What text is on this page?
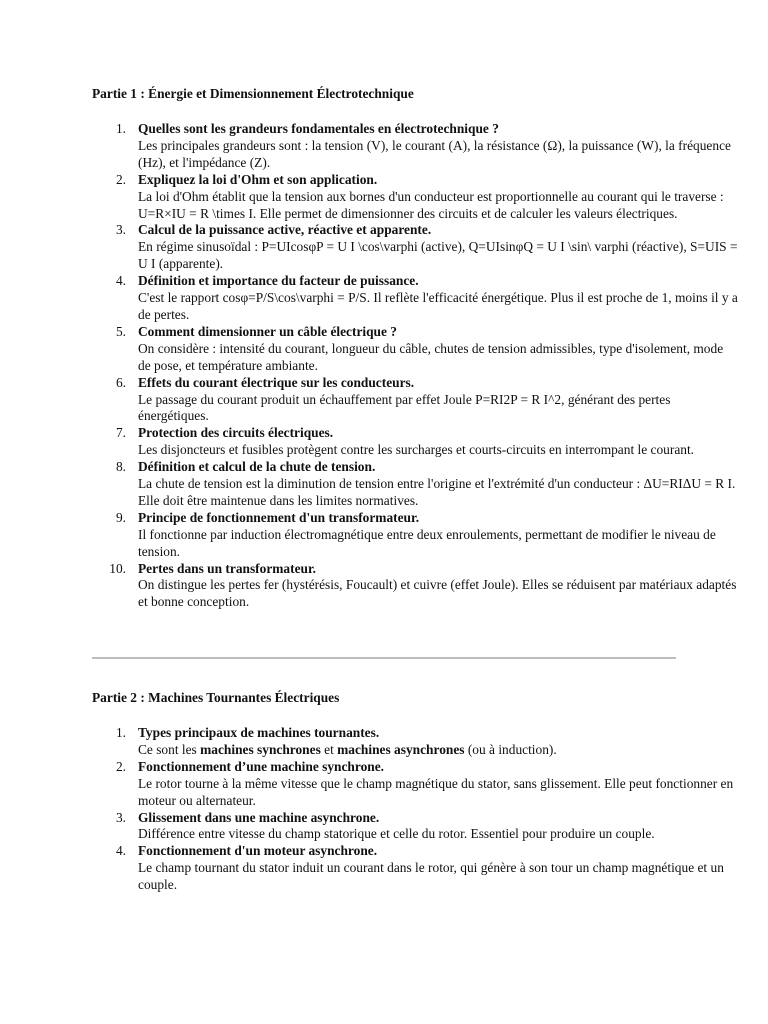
Partie 1 : Énergie et Dimensionnement Électrotechnique

Quelles sont les grandeurs fondamentales en électrotechnique ?
Les principales grandeurs sont : la tension (V), le courant (A), la résistance (Ω), la puissance (W), la fréquence (Hz), et l'impédance (Z).
Expliquez la loi d'Ohm et son application.
La loi d'Ohm établit que la tension aux bornes d'un conducteur est proportionnelle au courant qui le traverse : U=R×IU = R \times I. Elle permet de dimensionner des circuits et de calculer les valeurs électriques.
Calcul de la puissance active, réactive et apparente.
En régime sinusoïdal : P=UIcosφP = U I \cos\varphi (active), Q=UIsinφQ = U I \sin\ varphi (réactive), S=UIS = U I (apparente).
Définition et importance du facteur de puissance.
C'est le rapport cosφ=P/S\cos\varphi = P/S. Il reflète l'efficacité énergétique. Plus il est proche de 1, moins il y a de pertes.
Comment dimensionner un câble électrique ?
On considère : intensité du courant, longueur du câble, chutes de tension admissibles, type d'isolement, mode de pose, et température ambiante.
Effets du courant électrique sur les conducteurs.
Le passage du courant produit un échauffement par effet Joule P=RI2P = R I^2, générant des pertes énergétiques.
Protection des circuits électriques.
Les disjoncteurs et fusibles protègent contre les surcharges et courts-circuits en interrompant le courant.
Définition et calcul de la chute de tension.
La chute de tension est la diminution de tension entre l'origine et l'extrémité d'un conducteur : ΔU=RIΔU = R I. Elle doit être maintenue dans les limites normatives.
Principe de fonctionnement d'un transformateur.
Il fonctionne par induction électromagnétique entre deux enroulements, permettant de modifier le niveau de tension.
Pertes dans un transformateur.
On distingue les pertes fer (hystérésis, Foucault) et cuivre (effet Joule). Elles se réduisent par matériaux adaptés et bonne conception.

Partie 2 : Machines Tournantes Électriques

Types principaux de machines tournantes.
Ce sont les machines synchrones et machines asynchrones (ou à induction).
Fonctionnement d’une machine synchrone.
Le rotor tourne à la même vitesse que le champ magnétique du stator, sans glissement. Elle peut fonctionner en moteur ou alternateur.
Glissement dans une machine asynchrone.
Différence entre vitesse du champ statorique et celle du rotor. Essentiel pour produire un couple.
Fonctionnement d'un moteur asynchrone.
Le champ tournant du stator induit un courant dans le rotor, qui génère à son tour un champ magnétique et un couple.
